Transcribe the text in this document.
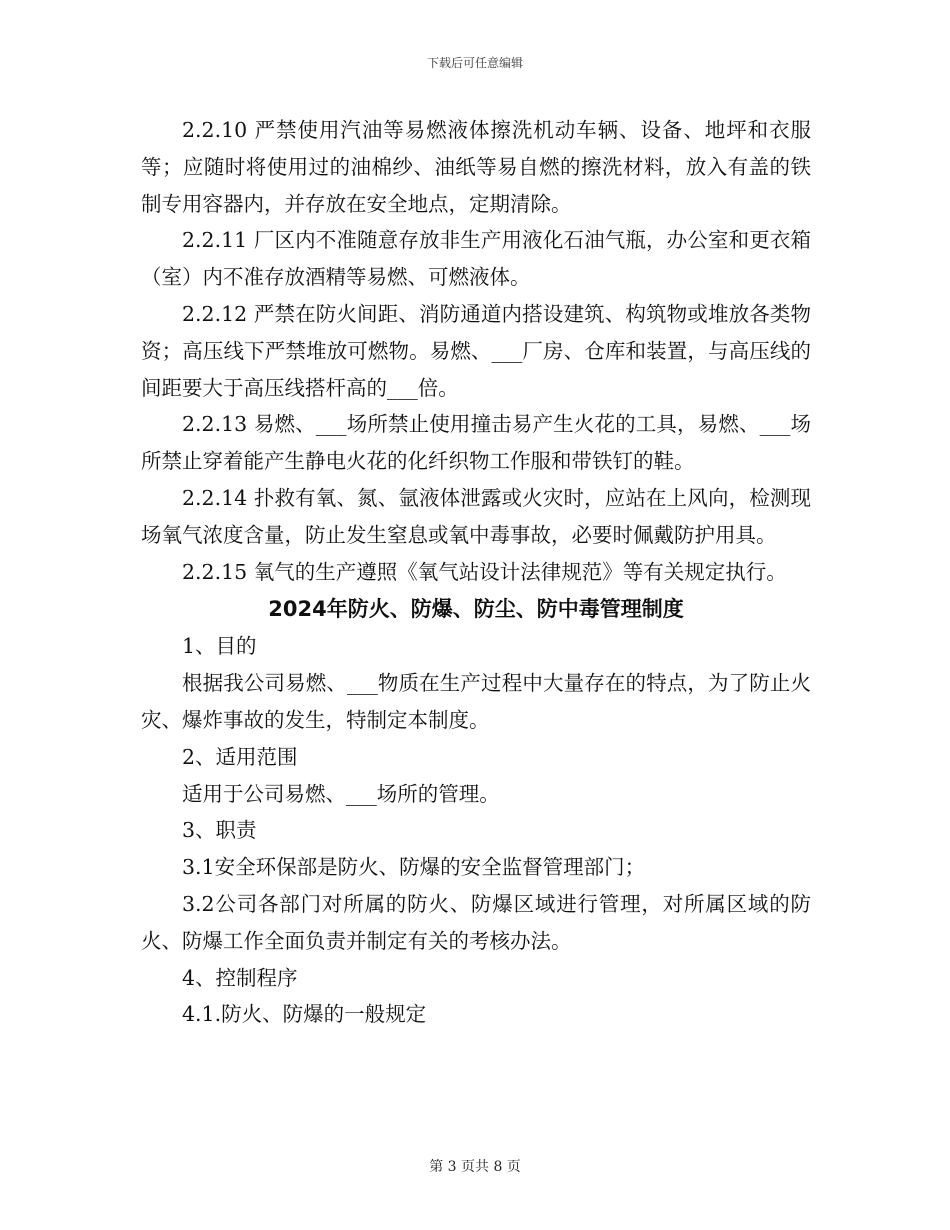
下载后可任意编辑

2.2.10 严禁使用汽油等易燃液体擦洗机动车辆、设备、地坪和衣服等；应随时将使用过的油棉纱、油纸等易自燃的擦洗材料，放入有盖的铁制专用容器内，并存放在安全地点，定期清除。

2.2.11 厂区内不准随意存放非生产用液化石油气瓶，办公室和更衣箱（室）内不准存放酒精等易燃、可燃液体。

2.2.12 严禁在防火间距、消防通道内搭设建筑、构筑物或堆放各类物资；高压线下严禁堆放可燃物。易燃、___厂房、仓库和装置，与高压线的间距要大于高压线搭杆高的___倍。

2.2.13 易燃、___场所禁止使用撞击易产生火花的工具，易燃、___场所禁止穿着能产生静电火花的化纤织物工作服和带铁钉的鞋。

2.2.14 扑救有氧、氮、氩液体泄露或火灾时，应站在上风向，检测现场氧气浓度含量，防止发生窒息或氧中毒事故，必要时佩戴防护用具。

2.2.15 氧气的生产遵照《氧气站设计法律规范》等有关规定执行。

2024年防火、防爆、防尘、防中毒管理制度

1、目的

根据我公司易燃、___物质在生产过程中大量存在的特点，为了防止火灾、爆炸事故的发生，特制定本制度。

2、适用范围

适用于公司易燃、___场所的管理。

3、职责

3.1安全环保部是防火、防爆的安全监督管理部门；

3.2公司各部门对所属的防火、防爆区域进行管理，对所属区域的防火、防爆工作全面负责并制定有关的考核办法。

4、控制程序

4.1.防火、防爆的一般规定

第 3 页共 8 页
